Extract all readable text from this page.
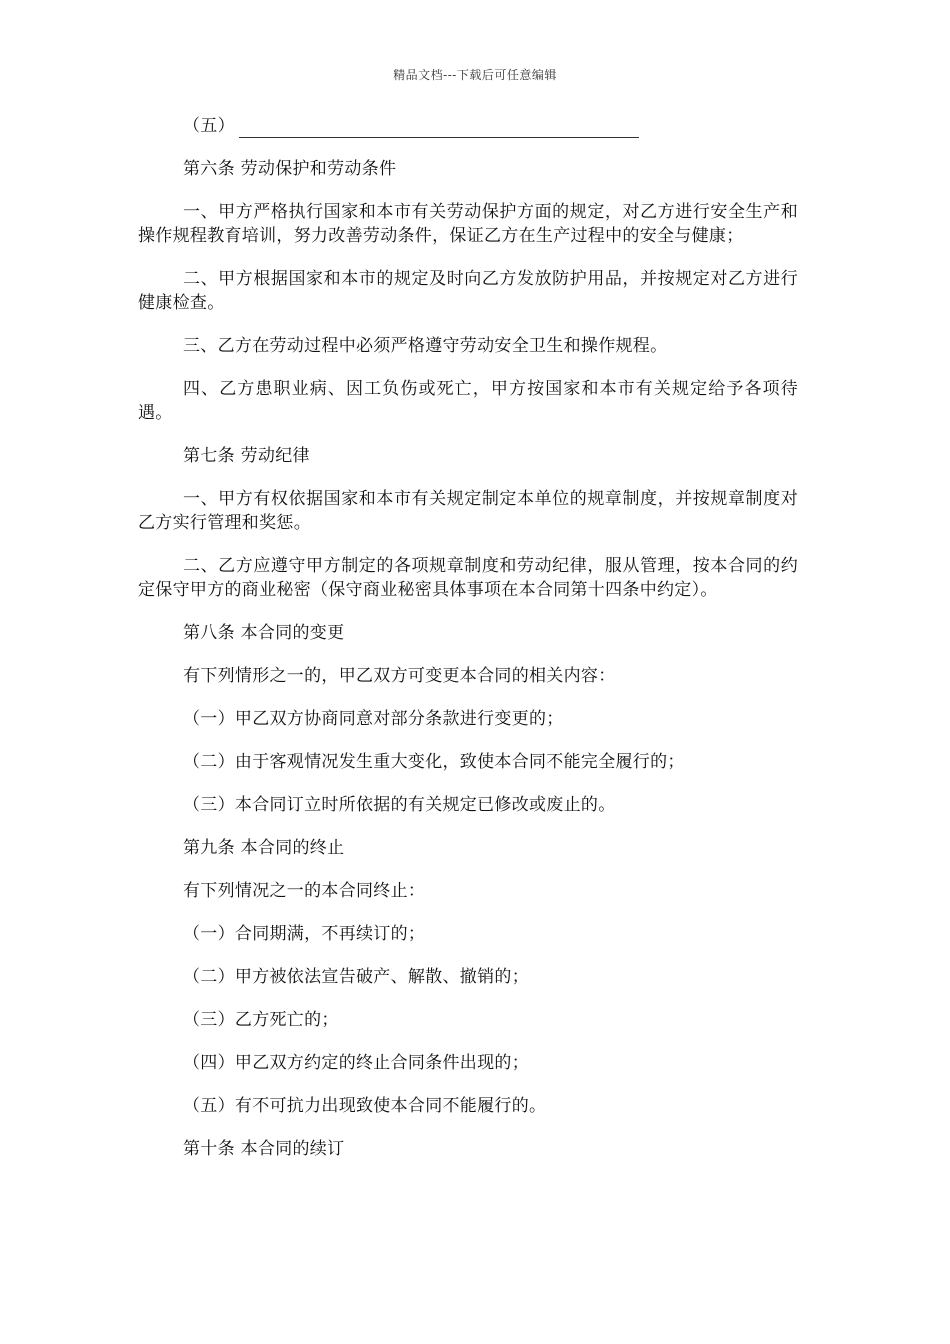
精品文档---下载后可任意编辑

（五）

第六条 劳动保护和劳动条件

一、甲方严格执行国家和本市有关劳动保护方面的规定，对乙方进行安全生产和操作规程教育培训，努力改善劳动条件，保证乙方在生产过程中的安全与健康；

二、甲方根据国家和本市的规定及时向乙方发放防护用品，并按规定对乙方进行健康检查。

三、乙方在劳动过程中必须严格遵守劳动安全卫生和操作规程。

四、乙方患职业病、因工负伤或死亡，甲方按国家和本市有关规定给予各项待遇。

第七条 劳动纪律

一、甲方有权依据国家和本市有关规定制定本单位的规章制度，并按规章制度对乙方实行管理和奖惩。

二、乙方应遵守甲方制定的各项规章制度和劳动纪律，服从管理，按本合同的约定保守甲方的商业秘密（保守商业秘密具体事项在本合同第十四条中约定）。

第八条 本合同的变更

有下列情形之一的，甲乙双方可变更本合同的相关内容：

（一）甲乙双方协商同意对部分条款进行变更的；

（二）由于客观情况发生重大变化，致使本合同不能完全履行的；

（三）本合同订立时所依据的有关规定已修改或废止的。

第九条 本合同的终止

有下列情况之一的本合同终止：

（一）合同期满，不再续订的；

（二）甲方被依法宣告破产、解散、撤销的；

（三）乙方死亡的；

（四）甲乙双方约定的终止合同条件出现的；

（五）有不可抗力出现致使本合同不能履行的。

第十条 本合同的续订
